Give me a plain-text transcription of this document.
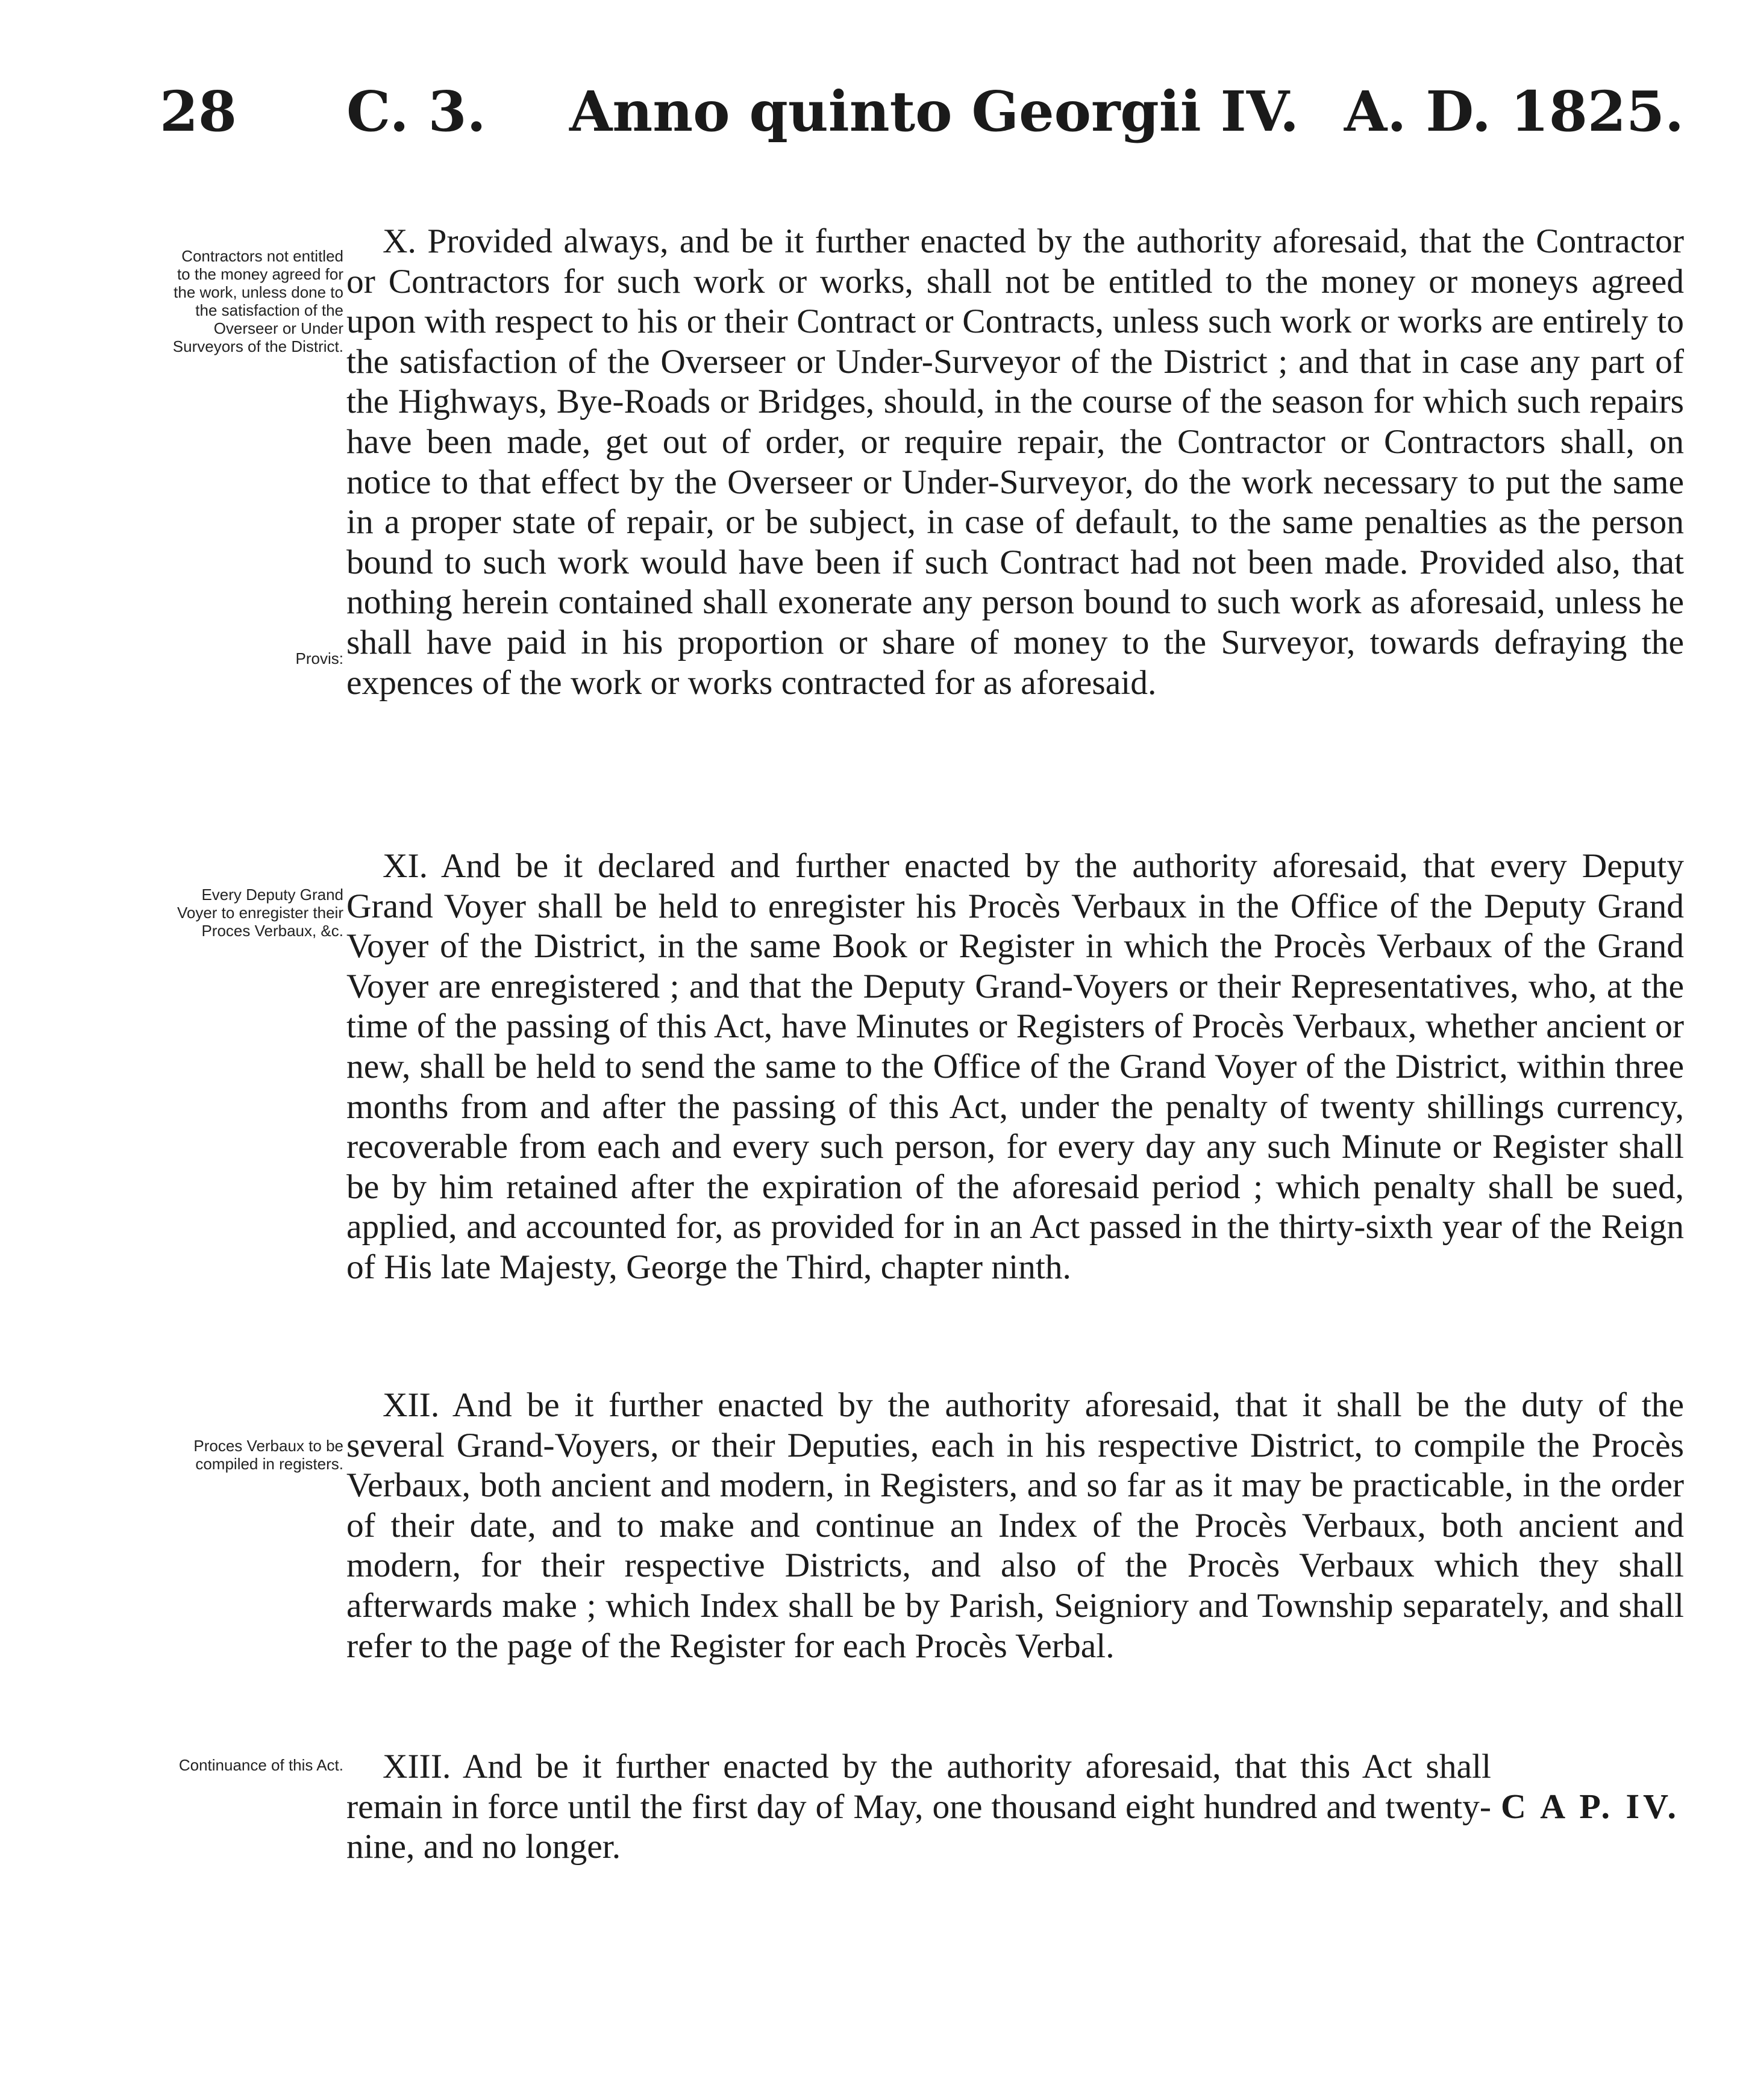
28 C. 3. Anno quinto Georgii IV. A. D. 1825.
Contractors not entitled to the money agreed for the work, unless done to the satisfaction of the Overseer or Under Surveyors of the District.
Provis:
Every Deputy Grand Voyer to enregister their Proces Verbaux, &c.
Proces Verbaux to be compiled in registers.
Continuance of this Act.

X. Provided always, and be it further enacted by the authority aforesaid, that the Contractor or Contractors for such work or works, shall not be entitled to the money or moneys agreed upon with respect to his or their Contract or Contracts, unless such work or works are entirely to the satisfaction of the Overseer or Under-Surveyor of the District ; and that in case any part of the Highways, Bye-Roads or Bridges, should, in the course of the season for which such repairs have been made, get out of order, or require repair, the Contractor or Contractors shall, on notice to that effect by the Overseer or Under-Surveyor, do the work necessary to put the same in a proper state of repair, or be subject, in case of default, to the same penalties as the person bound to such work would have been if such Contract had not been made. Provided also, that nothing herein contained shall exonerate any person bound to such work as aforesaid, unless he shall have paid in his proportion or share of money to the Surveyor, towards defraying the expences of the work or works contracted for as aforesaid.

XI. And be it declared and further enacted by the authority aforesaid, that every Deputy Grand Voyer shall be held to enregister his Procès Verbaux in the Office of the Deputy Grand Voyer of the District, in the same Book or Register in which the Procès Verbaux of the Grand Voyer are enregistered ; and that the Deputy Grand-Voyers or their Representatives, who, at the time of the passing of this Act, have Minutes or Registers of Procès Verbaux, whether ancient or new, shall be held to send the same to the Office of the Grand Voyer of the District, within three months from and after the passing of this Act, under the penalty of twenty shillings currency, recoverable from each and every such person, for every day any such Minute or Register shall be by him retained after the expiration of the aforesaid period ; which penalty shall be sued, applied, and accounted for, as provided for in an Act passed in the thirty-sixth year of the Reign of His late Majesty, George the Third, chapter ninth.

XII. And be it further enacted by the authority aforesaid, that it shall be the duty of the several Grand-Voyers, or their Deputies, each in his respective District, to compile the Procès Verbaux, both ancient and modern, in Registers, and so far as it may be practicable, in the order of their date, and to make and continue an Index of the Procès Verbaux, both ancient and modern, for their respective Districts, and also of the Procès Verbaux which they shall afterwards make ; which Index shall be by Parish, Seigniory and Township separately, and shall refer to the page of the Register for each Procès Verbal.

XIII. And be it further enacted by the authority aforesaid, that this Act shall remain in force until the first day of May, one thousand eight hundred and twenty-nine, and no longer.

C A P. IV.
